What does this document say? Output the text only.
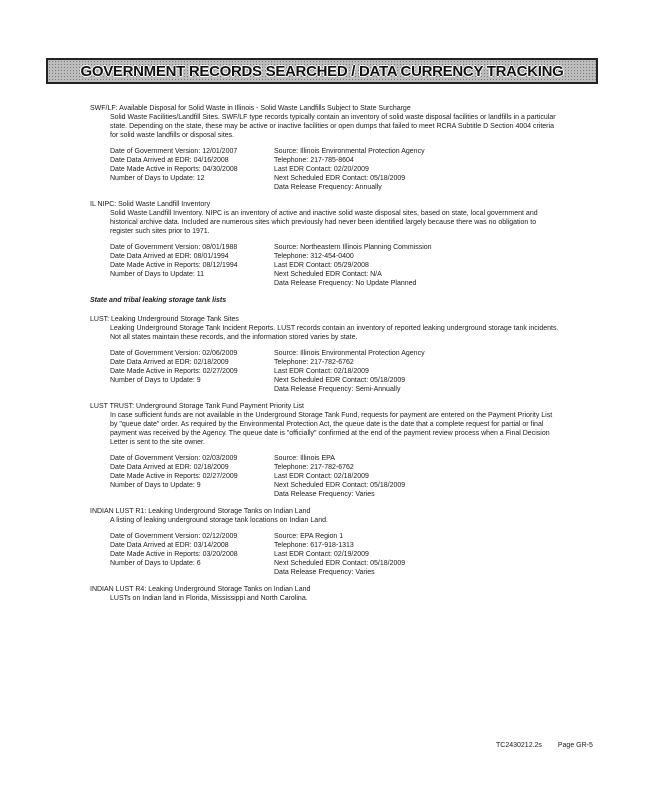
GOVERNMENT RECORDS SEARCHED / DATA CURRENCY TRACKING
SWF/LF: Available Disposal for Solid Waste in Illinois - Solid Waste Landfills Subject to State Surcharge

Solid Waste Facilities/Landfill Sites. SWF/LF type records typically contain an inventory of solid waste disposal facilities or landfills in a particular state. Depending on the state, these may be active or inactive facilities or open dumps that failed to meet RCRA Subtitle D Section 4004 criteria for solid waste landfills or disposal sites.

Date of Government Version: 12/01/2007
Date Data Arrived at EDR: 04/16/2008
Date Made Active in Reports: 04/30/2008
Number of Days to Update: 12
Source: Illinois Environmental Protection Agency
Telephone: 217-785-8604
Last EDR Contact: 02/20/2009
Next Scheduled EDR Contact: 05/18/2009
Data Release Frequency: Annually
IL NIPC: Solid Waste Landfill Inventory

Solid Waste Landfill Inventory. NIPC is an inventory of active and inactive solid waste disposal sites, based on state, local government and historical archive data. Included are numerous sites which previously had never been identified largely because there was no obligation to register such sites prior to 1971.

Date of Government Version: 08/01/1988
Date Data Arrived at EDR: 08/01/1994
Date Made Active in Reports: 08/12/1994
Number of Days to Update: 11
Source: Northeastern Illinois Planning Commission
Telephone: 312-454-0400
Last EDR Contact: 05/29/2008
Next Scheduled EDR Contact: N/A
Data Release Frequency: No Update Planned
State and tribal leaking storage tank lists
LUST: Leaking Underground Storage Tank Sites

Leaking Underground Storage Tank Incident Reports. LUST records contain an inventory of reported leaking underground storage tank incidents. Not all states maintain these records, and the information stored varies by state.

Date of Government Version: 02/06/2009
Date Data Arrived at EDR: 02/18/2009
Date Made Active in Reports: 02/27/2009
Number of Days to Update: 9
Source: Illinois Environmental Protection Agency
Telephone: 217-782-6762
Last EDR Contact: 02/18/2009
Next Scheduled EDR Contact: 05/18/2009
Data Release Frequency: Semi-Annually
LUST TRUST: Underground Storage Tank Fund Payment Priority List

In case sufficient funds are not available in the Underground Storage Tank Fund, requests for payment are entered on the Payment Priority List by "queue date" order. As required by the Environmental Protection Act, the queue date is the date that a complete request for partial or final payment was received by the Agency. The queue date is "officially" confirmed at the end of the payment review process when a Final Decision Letter is sent to the site owner.

Date of Government Version: 02/03/2009
Date Data Arrived at EDR: 02/18/2009
Date Made Active in Reports: 02/27/2009
Number of Days to Update: 9
Source: Illinois EPA
Telephone: 217-782-6762
Last EDR Contact: 02/18/2009
Next Scheduled EDR Contact: 05/18/2009
Data Release Frequency: Varies
INDIAN LUST R1: Leaking Underground Storage Tanks on Indian Land

A listing of leaking underground storage tank locations on Indian Land.

Date of Government Version: 02/12/2009
Date Data Arrived at EDR: 03/14/2008
Date Made Active in Reports: 03/20/2008
Number of Days to Update: 6
Source: EPA Region 1
Telephone: 617-918-1313
Last EDR Contact: 02/19/2009
Next Scheduled EDR Contact: 05/18/2009
Data Release Frequency: Varies
INDIAN LUST R4: Leaking Underground Storage Tanks on Indian Land

LUSTs on Indian land in Florida, Mississippi and North Carolina.

TC2430212.2s Page GR-5
